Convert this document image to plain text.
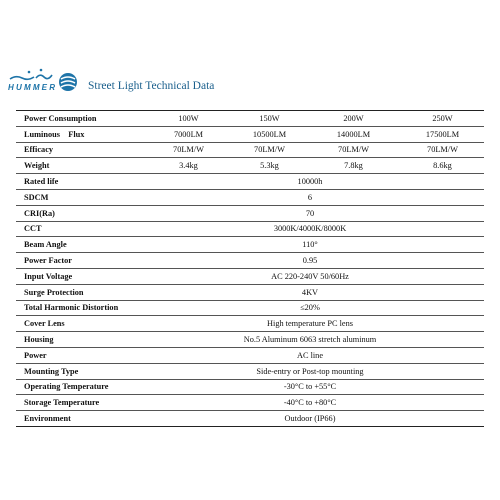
HUMMER	Street Light Technical Data
Power Consumption	100W	150W	200W	250W
Luminous    Flux	7000LM	10500LM	14000LM	17500LM
Efficacy	70LM/W	70LM/W	70LM/W	70LM/W
Weight	3.4kg	5.3kg	7.8kg	8.6kg
Rated life	10000h			
SDCM	6			
CRI(Ra)	70			
CCT	3000K/4000K/8000K			
Beam Angle	110°			
Power Factor	0.95			
Input Voltage	AC 220-240V 50/60Hz			
Surge Protection	4KV			
Total Harmonic Distortion	≤20%			
Cover Lens	High temperature PC lens			
Housing	No.5 Aluminum 6063 stretch aluminum			
Power	AC line			
Mounting Type	Side-entry or Post-top mounting			
Operating Temperature	-30°C to +55°C			
Storage Temperature	-40°C to +80°C			
Environment	Outdoor (IP66)			
